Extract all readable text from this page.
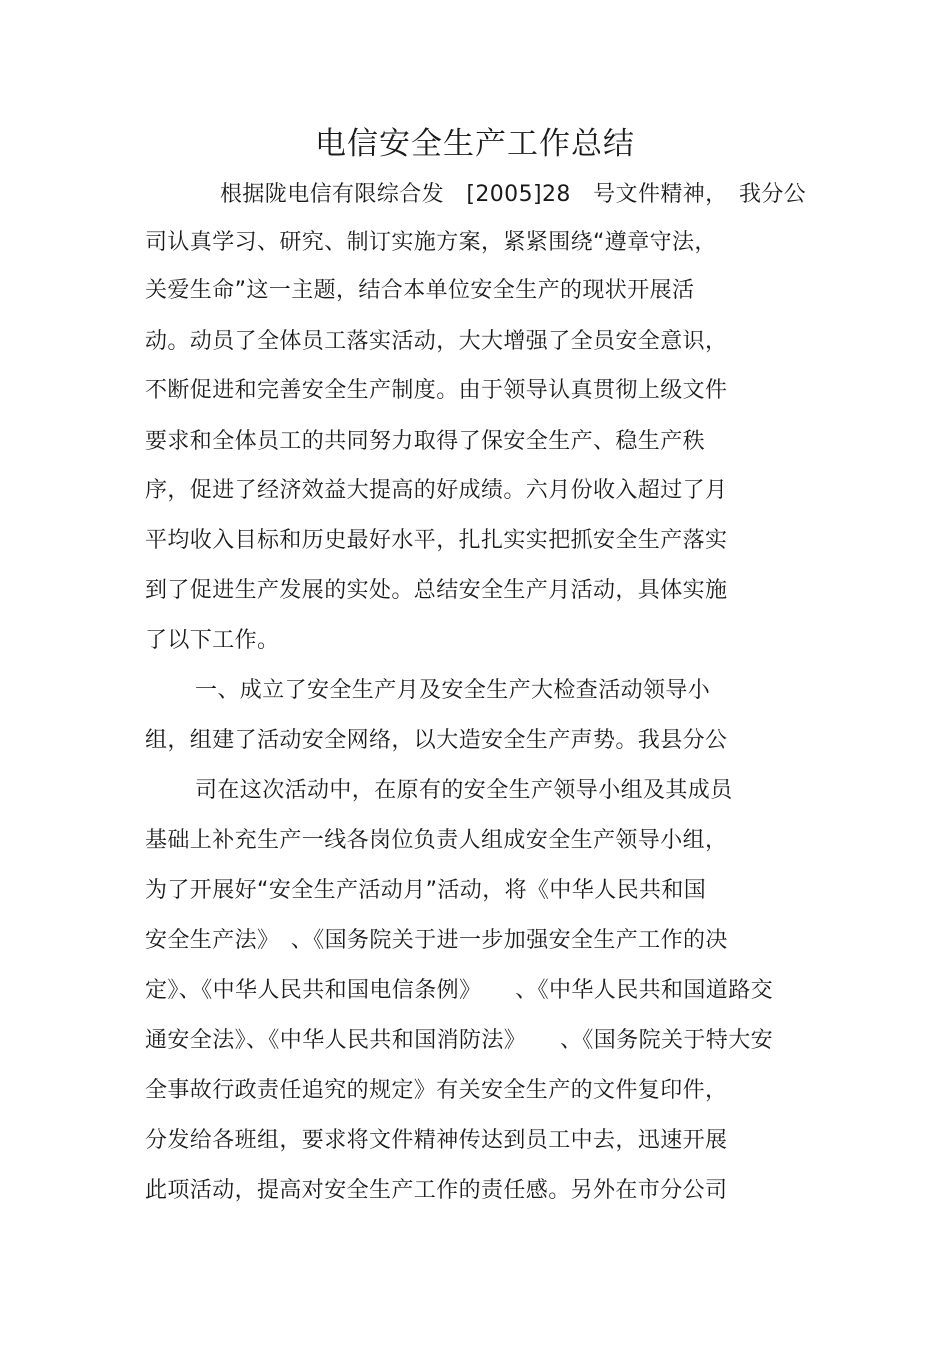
电信安全生产工作总结
根据陇电信有限综合发　[2005]28　号文件精神，　我分公
司认真学习、研究、制订实施方案，紧紧围绕“遵章守法，
关爱生命”这一主题，结合本单位安全生产的现状开展活
动。动员了全体员工落实活动，大大增强了全员安全意识，
不断促进和完善安全生产制度。由于领导认真贯彻上级文件
要求和全体员工的共同努力取得了保安全生产、稳生产秩
序，促进了经济效益大提高的好成绩。六月份收入超过了月
平均收入目标和历史最好水平，扎扎实实把抓安全生产落实
到了促进生产发展的实处。总结安全生产月活动，具体实施
了以下工作。
一、成立了安全生产月及安全生产大检查活动领导小
组，组建了活动安全网络，以大造安全生产声势。我县分公
司在这次活动中，在原有的安全生产领导小组及其成员
基础上补充生产一线各岗位负责人组成安全生产领导小组，
为了开展好“安全生产活动月”活动，将《中华人民共和国
安全生产法》　、《国务院关于进一步加强安全生产工作的决
定》、《中华人民共和国电信条例》　　、《中华人民共和国道路交
通安全法》、《中华人民共和国消防法》　　、《国务院关于特大安
全事故行政责任追究的规定》有关安全生产的文件复印件，
分发给各班组，要求将文件精神传达到员工中去，迅速开展
此项活动，提高对安全生产工作的责任感。另外在市分公司
